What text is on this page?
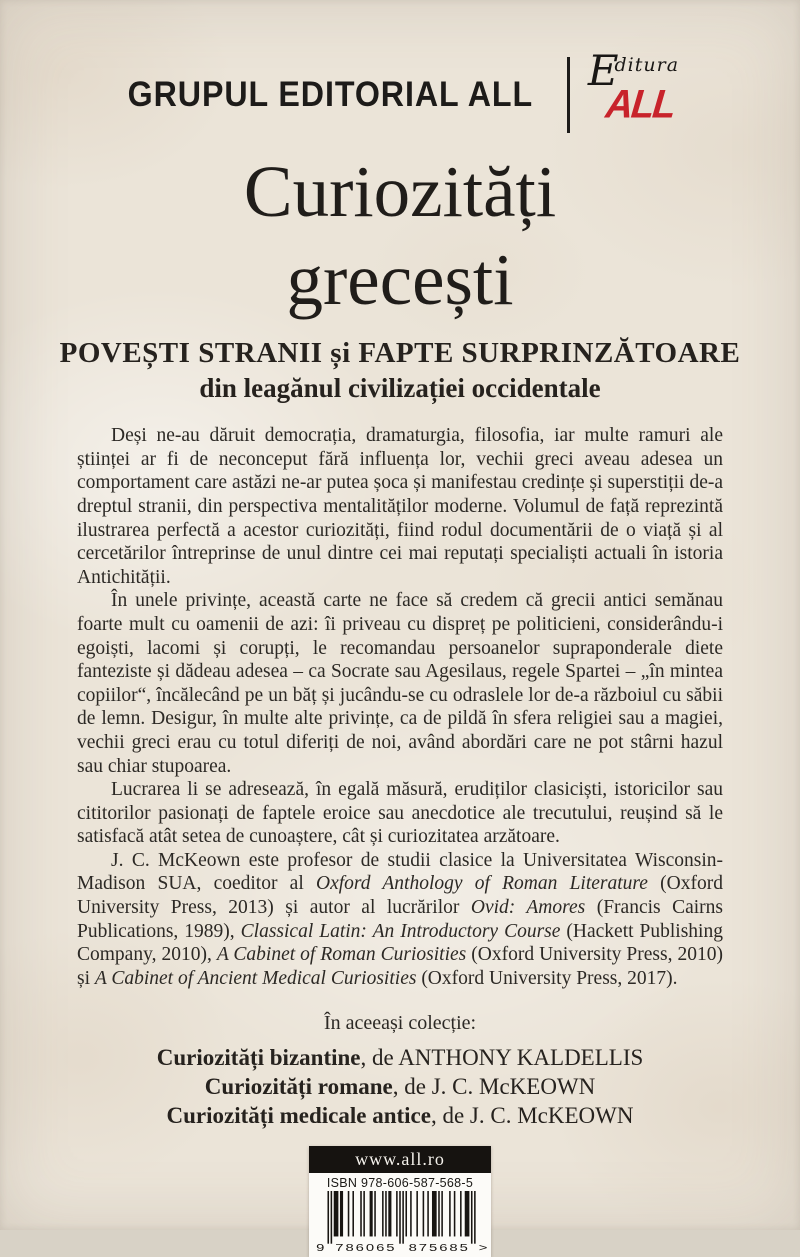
GRUPUL EDITORIAL ALL Editura
ALL
Curiozități
grecești
POVEȘTI STRANII și FAPTE SURPRINZĂTOARE
din leagănul civilizației occidentale

Deși ne-au dăruit democrația, dramaturgia, filosofia, iar multe ramuri ale științei ar fi de neconceput fără influența lor, vechii greci aveau adesea un comportament care astăzi ne-ar putea șoca și manifestau credințe și superstiții de-a dreptul stranii, din perspectiva mentalităților moderne. Volumul de față reprezintă ilustrarea perfectă a acestor curiozități, fiind rodul documentării de o viață și al cercetărilor întreprinse de unul dintre cei mai reputați specialiști actuali în istoria Antichității.

În unele privințe, această carte ne face să credem că grecii antici semănau foarte mult cu oamenii de azi: îi priveau cu dispreț pe politicieni, considerându-i egoiști, lacomi și corupți, le recomandau persoanelor supraponderale diete fanteziste și dădeau adesea – ca Socrate sau Agesilaus, regele Spartei – „în mintea copiilor“, încălecând pe un băț și jucându-se cu odraslele lor de-a războiul cu săbii de lemn. Desigur, în multe alte privințe, ca de pildă în sfera religiei sau a magiei, vechii greci erau cu totul diferiți de noi, având abordări care ne pot stârni hazul sau chiar stupoarea.

Lucrarea li se adresează, în egală măsură, erudiților clasiciști, istoricilor sau cititorilor pasionați de faptele eroice sau anecdotice ale trecutului, reușind să le satisfacă atât setea de cunoaștere, cât și curiozitatea arzătoare.

J. C. McKeown este profesor de studii clasice la Universitatea Wisconsin-Madison SUA, coeditor al Oxford Anthology of Roman Literature (Oxford University Press, 2013) și autor al lucrărilor Ovid: Amores (Francis Cairns Publications, 1989), Classical Latin: An Introductory Course (Hackett Publishing Company, 2010), A Cabinet of Roman Curiosities (Oxford University Press, 2010) și A Cabinet of Ancient Medical Curiosities (Oxford University Press, 2017).

În aceeași colecție:
Curiozități bizantine, de ANTHONY KALDELLIS
Curiozități romane, de J. C. McKEOWN
Curiozități medicale antice, de J. C. McKEOWN
www.all.ro
ISBN 978-606-587-568-5
9 786065 875685 >
